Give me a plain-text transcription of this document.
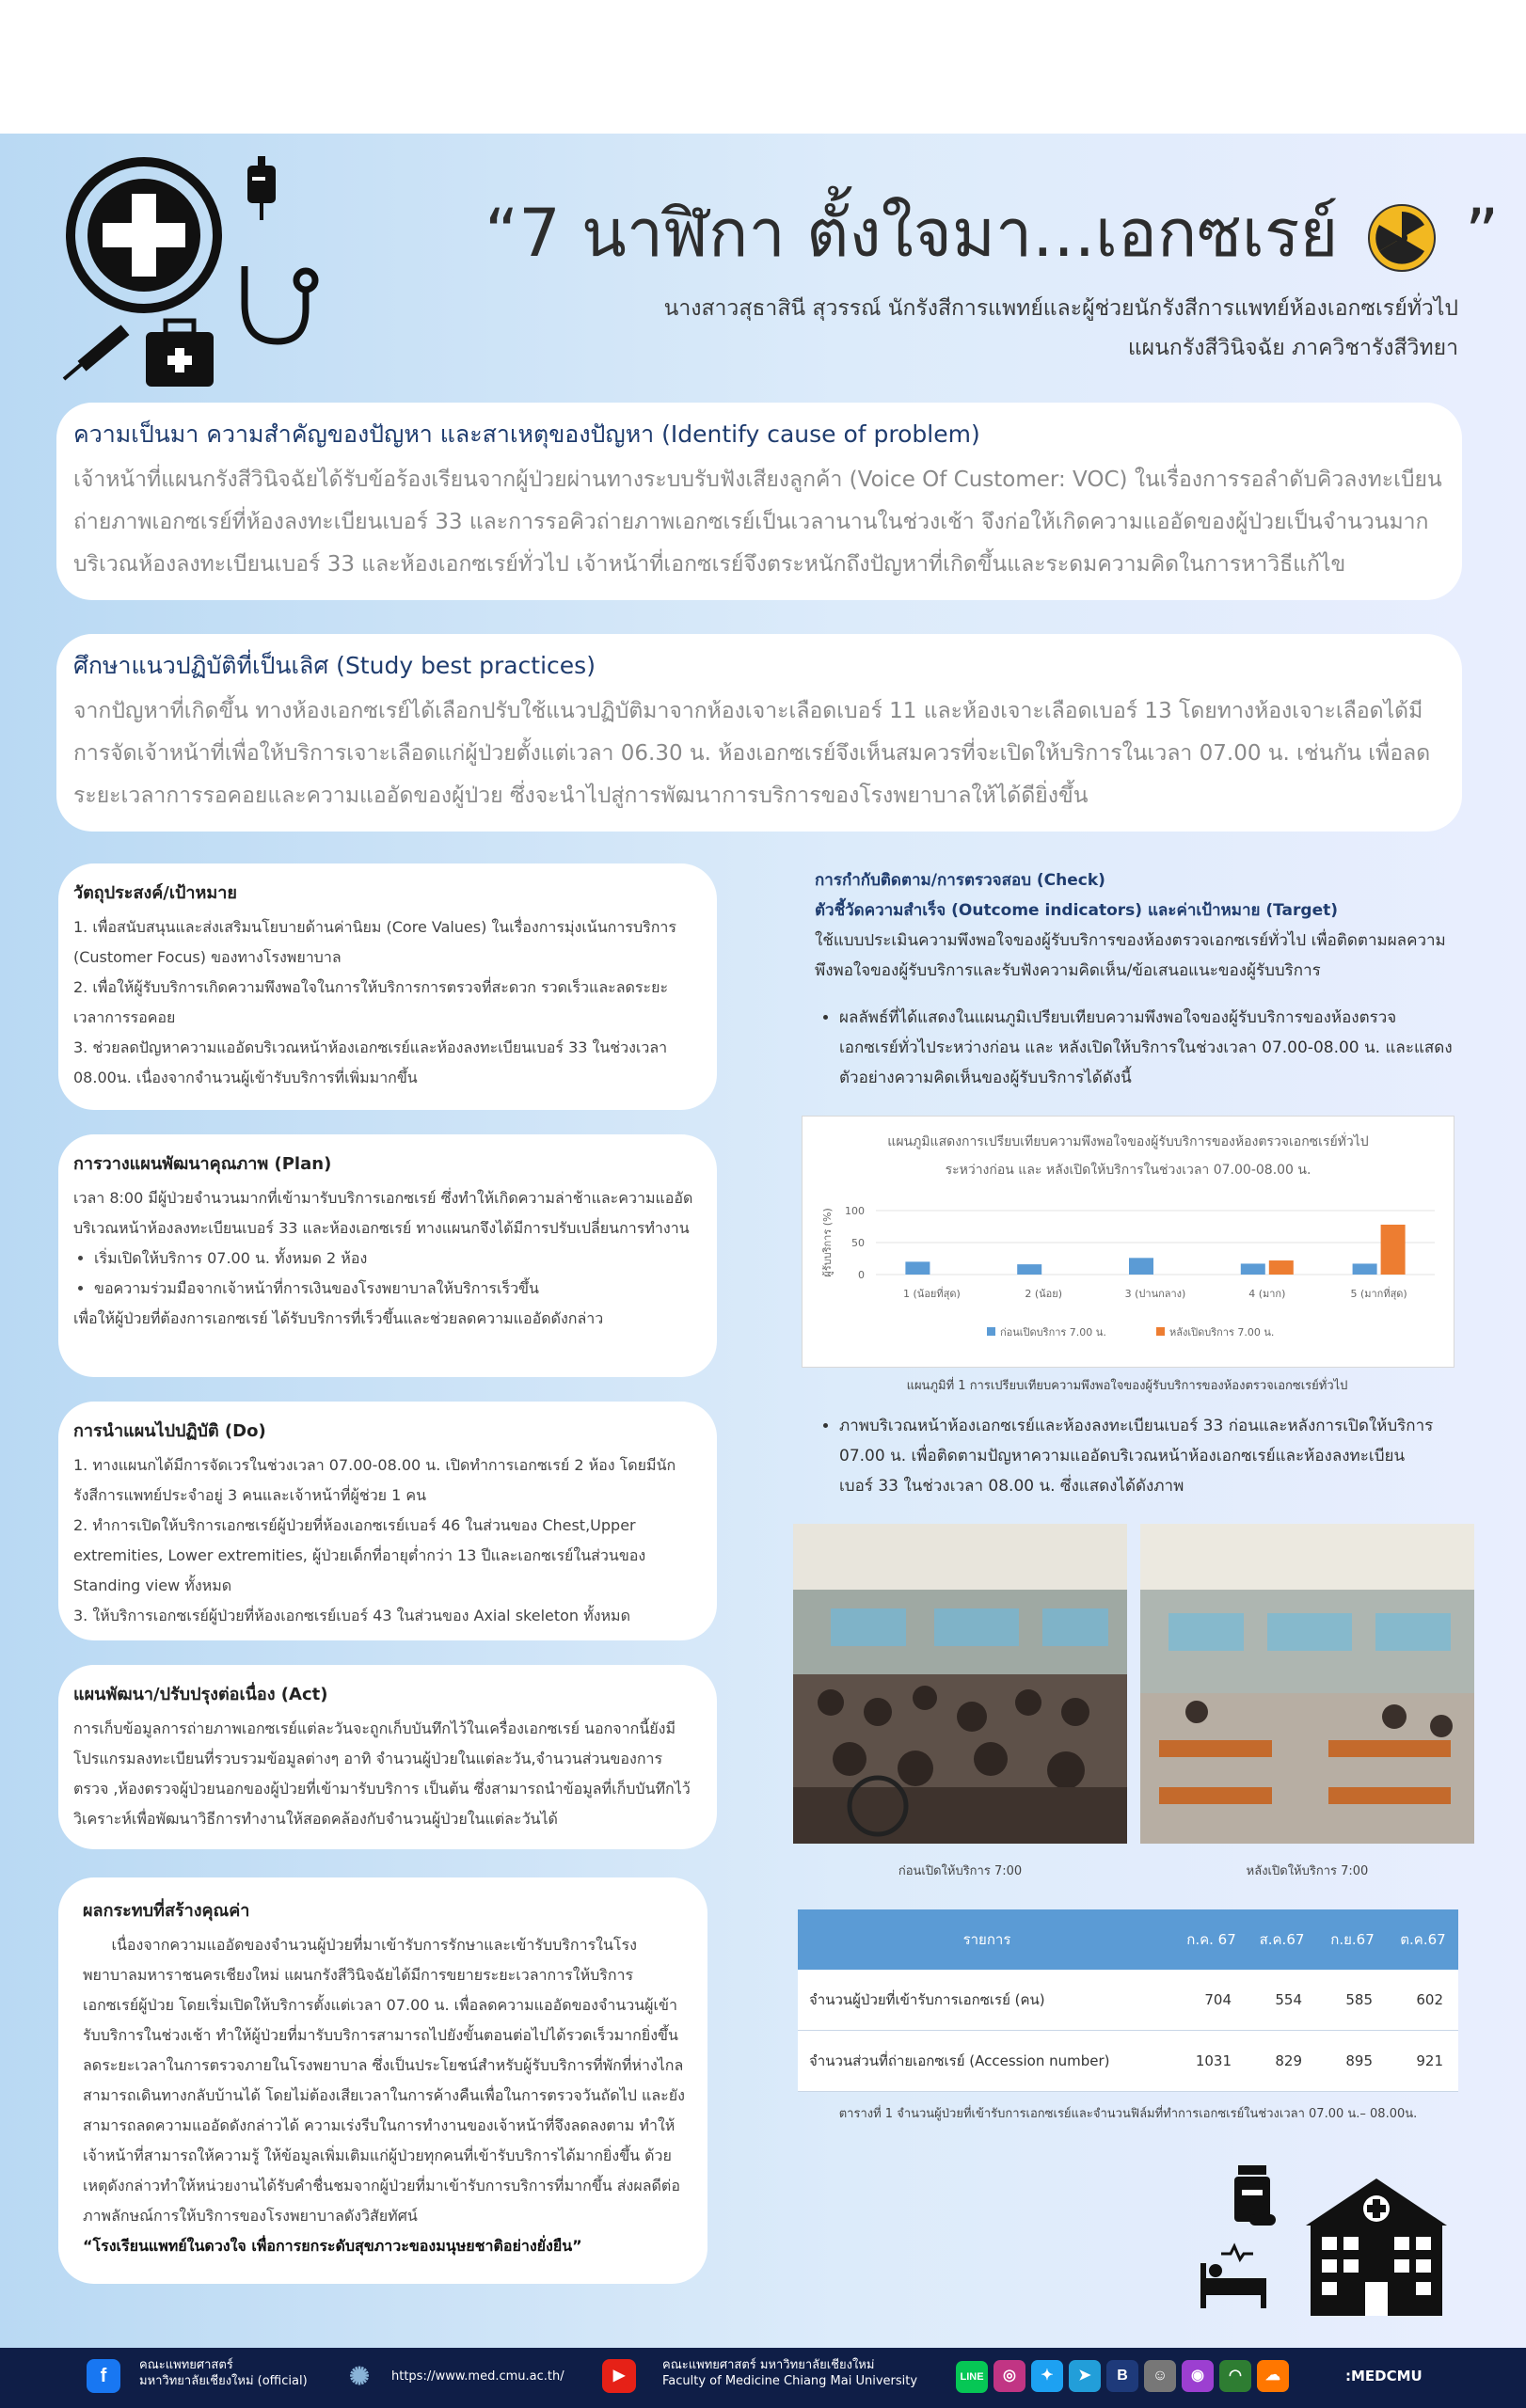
“7 นาฬิกา ตั้งใจมา...เอกซเรย์ ”
นางสาวสุธาสินี สุวรรณ์ นักรังสีการแพทย์และผู้ช่วยนักรังสีการแพทย์ห้องเอกซเรย์ทั่วไป
แผนกรังสีวินิจฉัย ภาควิชารังสีวิทยา
ความเป็นมา ความสำคัญของปัญหา และสาเหตุของปัญหา (Identify cause of problem)

เจ้าหน้าที่แผนกรังสีวินิจฉัยได้รับข้อร้องเรียนจากผู้ป่วยผ่านทางระบบรับฟังเสียงลูกค้า (Voice Of Customer: VOC) ในเรื่องการรอลำดับคิวลงทะเบียนถ่ายภาพเอกซเรย์ที่ห้องลงทะเบียนเบอร์ 33 และการรอคิวถ่ายภาพเอกซเรย์เป็นเวลานานในช่วงเช้า จึงก่อให้เกิดความแออัดของผู้ป่วยเป็นจำนวนมากบริเวณห้องลงทะเบียนเบอร์ 33 และห้องเอกซเรย์ทั่วไป เจ้าหน้าที่เอกซเรย์จึงตระหนักถึงปัญหาที่เกิดขึ้นและระดมความคิดในการหาวิธีแก้ไข

ศึกษาแนวปฏิบัติที่เป็นเลิศ (Study best practices)

จากปัญหาที่เกิดขึ้น ทางห้องเอกซเรย์ได้เลือกปรับใช้แนวปฏิบัติมาจากห้องเจาะเลือดเบอร์ 11 และห้องเจาะเลือดเบอร์ 13 โดยทางห้องเจาะเลือดได้มีการจัดเจ้าหน้าที่เพื่อให้บริการเจาะเลือดแก่ผู้ป่วยตั้งแต่เวลา 06.30 น. ห้องเอกซเรย์จึงเห็นสมควรที่จะเปิดให้บริการในเวลา 07.00 น. เช่นกัน เพื่อลดระยะเวลาการรอคอยและความแออัดของผู้ป่วย ซึ่งจะนำไปสู่การพัฒนาการบริการของโรงพยาบาลให้ได้ดียิ่งขึ้น

วัตถุประสงค์/เป้าหมาย

1. เพื่อสนับสนุนและส่งเสริมนโยบายด้านค่านิยม (Core Values) ในเรื่องการมุ่งเน้นการบริการ (Customer Focus) ของทางโรงพยาบาล

2. เพื่อให้ผู้รับบริการเกิดความพึงพอใจในการให้บริการการตรวจที่สะดวก รวดเร็วและลดระยะเวลาการรอคอย

3. ช่วยลดปัญหาความแออัดบริเวณหน้าห้องเอกซเรย์และห้องลงทะเบียนเบอร์ 33 ในช่วงเวลา 08.00น. เนื่องจากจำนวนผู้เข้ารับบริการที่เพิ่มมากขึ้น

การวางแผนพัฒนาคุณภาพ (Plan)

เวลา 8:00 มีผู้ป่วยจำนวนมากที่เข้ามารับบริการเอกซเรย์ ซึ่งทำให้เกิดความล่าช้าและความแออัดบริเวณหน้าห้องลงทะเบียนเบอร์ 33 และห้องเอกซเรย์ ทางแผนกจึงได้มีการปรับเปลี่ยนการทำงาน

• เริ่มเปิดให้บริการ 07.00 น. ทั้งหมด 2 ห้อง
• ขอความร่วมมือจากเจ้าหน้าที่การเงินของโรงพยาบาลให้บริการเร็วขึ้น

เพื่อให้ผู้ป่วยที่ต้องการเอกซเรย์ ได้รับบริการที่เร็วขึ้นและช่วยลดความแออัดดังกล่าว

การนำแผนไปปฏิบัติ (Do)

1. ทางแผนกได้มีการจัดเวรในช่วงเวลา 07.00-08.00 น. เปิดทำการเอกซเรย์ 2 ห้อง โดยมีนักรังสีการแพทย์ประจำอยู่ 3 คนและเจ้าหน้าที่ผู้ช่วย 1 คน

2. ทำการเปิดให้บริการเอกซเรย์ผู้ป่วยที่ห้องเอกซเรย์เบอร์ 46 ในส่วนของ Chest,Upper extremities, Lower extremities, ผู้ป่วยเด็กที่อายุต่ำกว่า 13 ปีและเอกซเรย์ในส่วนของ Standing view ทั้งหมด

3. ให้บริการเอกซเรย์ผู้ป่วยที่ห้องเอกซเรย์เบอร์ 43 ในส่วนของ Axial skeleton ทั้งหมด

แผนพัฒนา/ปรับปรุงต่อเนื่อง (Act)

การเก็บข้อมูลการถ่ายภาพเอกซเรย์แต่ละวันจะถูกเก็บบันทึกไว้ในเครื่องเอกซเรย์ นอกจากนี้ยังมีโปรแกรมลงทะเบียนที่รวบรวมข้อมูลต่างๆ อาทิ จำนวนผู้ป่วยในแต่ละวัน,จำนวนส่วนของการตรวจ ,ห้องตรวจผู้ป่วยนอกของผู้ป่วยที่เข้ามารับบริการ เป็นต้น ซึ่งสามารถนำข้อมูลที่เก็บบันทึกไว้วิเคราะห์เพื่อพัฒนาวิธีการทำงานให้สอดคล้องกับจำนวนผู้ป่วยในแต่ละวันได้

ผลกระทบที่สร้างคุณค่า

เนื่องจากความแออัดของจำนวนผู้ป่วยที่มาเข้ารับการรักษาและเข้ารับบริการในโรงพยาบาลมหาราชนครเชียงใหม่ แผนกรังสีวินิจฉัยได้มีการขยายระยะเวลาการให้บริการเอกซเรย์ผู้ป่วย โดยเริ่มเปิดให้บริการตั้งแต่เวลา 07.00 น. เพื่อลดความแออัดของจำนวนผู้เข้ารับบริการในช่วงเช้า ทำให้ผู้ป่วยที่มารับบริการสามารถไปยังขั้นตอนต่อไปได้รวดเร็วมากยิ่งขึ้น ลดระยะเวลาในการตรวจภายในโรงพยาบาล ซึ่งเป็นประโยชน์สำหรับผู้รับบริการที่พักที่ห่างไกล สามารถเดินทางกลับบ้านได้ โดยไม่ต้องเสียเวลาในการค้างคืนเพื่อในการตรวจวันถัดไป และยังสามารถลดความแออัดดังกล่าวได้ ความเร่งรีบในการทำงานของเจ้าหน้าที่จึงลดลงตาม ทำให้เจ้าหน้าที่สามารถให้ความรู้ ให้ข้อมูลเพิ่มเติมแก่ผู้ป่วยทุกคนที่เข้ารับบริการได้มากยิ่งขึ้น ด้วยเหตุดังกล่าวทำให้หน่วยงานได้รับคำชื่นชมจากผู้ป่วยที่มาเข้ารับการบริการที่มากขึ้น ส่งผลดีต่อภาพลักษณ์การให้บริการของโรงพยาบาลดังวิสัยทัศน์

“โรงเรียนแพทย์ในดวงใจ เพื่อการยกระดับสุขภาวะของมนุษยชาติอย่างยั่งยืน”

การกำกับติดตาม/การตรวจสอบ (Check)
ตัวชี้วัดความสำเร็จ (Outcome indicators) และค่าเป้าหมาย (Target)
ใช้แบบประเมินความพึงพอใจของผู้รับบริการของห้องตรวจเอกซเรย์ทั่วไป เพื่อติดตามผลความพึงพอใจของผู้รับบริการและรับฟังความคิดเห็น/ข้อเสนอแนะของผู้รับบริการ
• ผลลัพธ์ที่ได้แสดงในแผนภูมิเปรียบเทียบความพึงพอใจของผู้รับบริการของห้องตรวจเอกซเรย์ทั่วไประหว่างก่อน และ หลังเปิดให้บริการในช่วงเวลา 07.00-08.00 น. และแสดงตัวอย่างความคิดเห็นของผู้รับบริการได้ดังนี้
แผนภูมิแสดงการเปรียบเทียบความพึงพอใจของผู้รับบริการของห้องตรวจเอกซเรย์ทั่วไป
ระหว่างก่อน และ หลังเปิดให้บริการในช่วงเวลา 07.00-08.00 น.
0
50
100
ผู้รับบริการ (%)
1 (น้อยที่สุด)	2 (น้อย)	3 (ปานกลาง)	4 (มาก)	5 (มากที่สุด)
ก่อนเปิดบริการ 7.00 น.	หลังเปิดบริการ 7.00 น.
แผนภูมิที่ 1 การเปรียบเทียบความพึงพอใจของผู้รับบริการของห้องตรวจเอกซเรย์ทั่วไป
• ภาพบริเวณหน้าห้องเอกซเรย์และห้องลงทะเบียนเบอร์ 33 ก่อนและหลังการเปิดให้บริการ 07.00 น. เพื่อติดตามปัญหาความแออัดบริเวณหน้าห้องเอกซเรย์และห้องลงทะเบียนเบอร์ 33 ในช่วงเวลา 08.00 น. ซึ่งแสดงได้ดังภาพ
ก่อนเปิดให้บริการ 7:00	หลังเปิดให้บริการ 7:00
รายการ	ก.ค. 67	ส.ค.67	ก.ย.67	ต.ค.67
จำนวนผู้ป่วยที่เข้ารับการเอกซเรย์ (คน)	704	554	585	602
จำนวนส่วนที่ถ่ายเอกซเรย์ (Accession number)	1031	829	895	921
ตารางที่ 1 จำนวนผู้ป่วยที่เข้ารับการเอกซเรย์และจำนวนฟิล์มที่ทำการเอกซเรย์ในช่วงเวลา 07.00 น.– 08.00น.
f
คณะแพทยศาสตร์
มหาวิทยาลัยเชียงใหม่ (official) ✺	https://www.med.cmu.ac.th/	▶
คณะแพทยศาสตร์ มหาวิทยาลัยเชียงใหม่
Faculty of Medicine Chiang Mai University	LINE ◎ ✦ ➤ B ☺ ◉ ◠ ☁	:MEDCMU
